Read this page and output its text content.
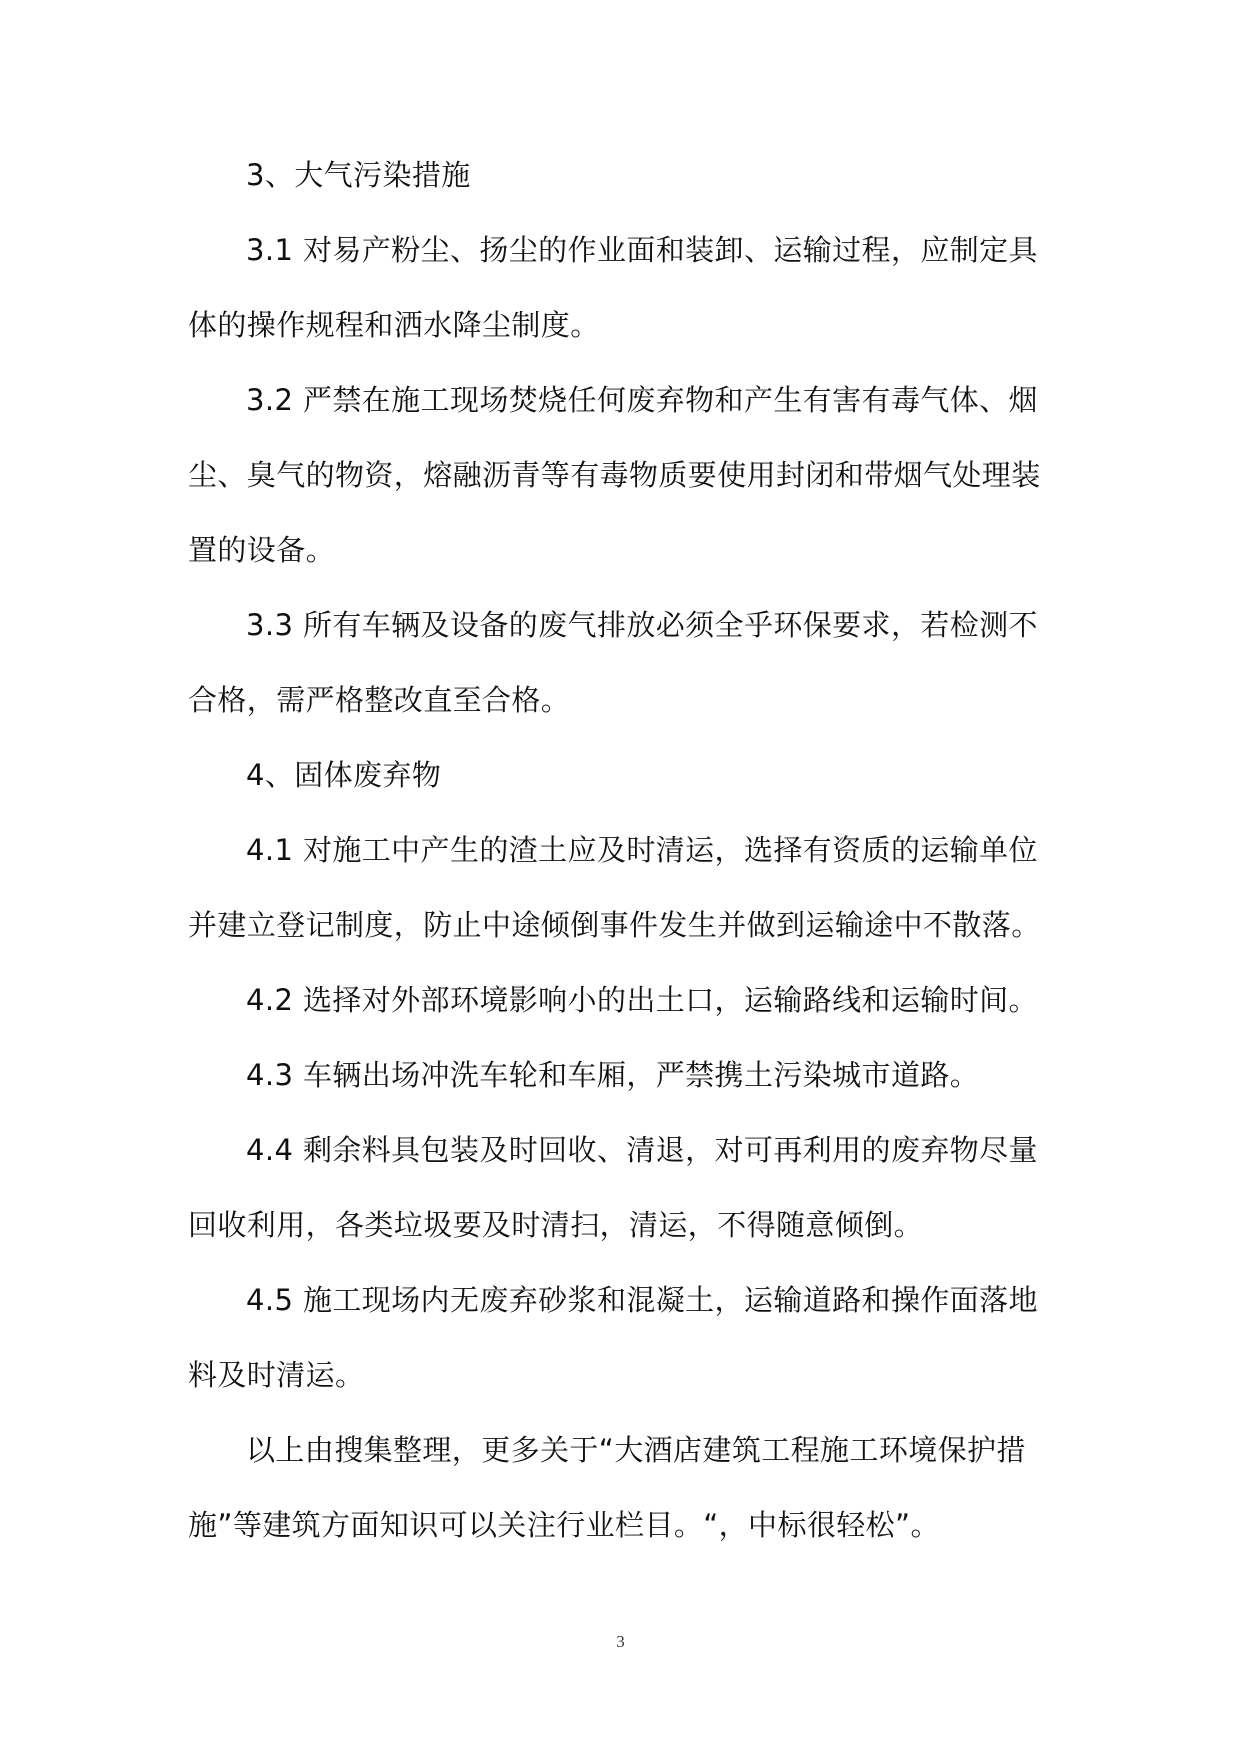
3、大气污染措施

3.1 对易产粉尘、扬尘的作业面和装卸、运输过程，应制定具体的操作规程和洒水降尘制度。

3.2 严禁在施工现场焚烧任何废弃物和产生有害有毒气体、烟尘、臭气的物资，熔融沥青等有毒物质要使用封闭和带烟气处理装置的设备。

3.3 所有车辆及设备的废气排放必须全乎环保要求，若检测不合格，需严格整改直至合格。

4、固体废弃物

4.1 对施工中产生的渣土应及时清运，选择有资质的运输单位并建立登记制度，防止中途倾倒事件发生并做到运输途中不散落。

4.2 选择对外部环境影响小的出土口，运输路线和运输时间。

4.3 车辆出场冲洗车轮和车厢，严禁携土污染城市道路。

4.4 剩余料具包装及时回收、清退，对可再利用的废弃物尽量回收利用，各类垃圾要及时清扫，清运，不得随意倾倒。

4.5 施工现场内无废弃砂浆和混凝土，运输道路和操作面落地料及时清运。

以上由搜集整理，更多关于“大酒店建筑工程施工环境保护措施”等建筑方面知识可以关注行业栏目。“，中标很轻松”。

3
